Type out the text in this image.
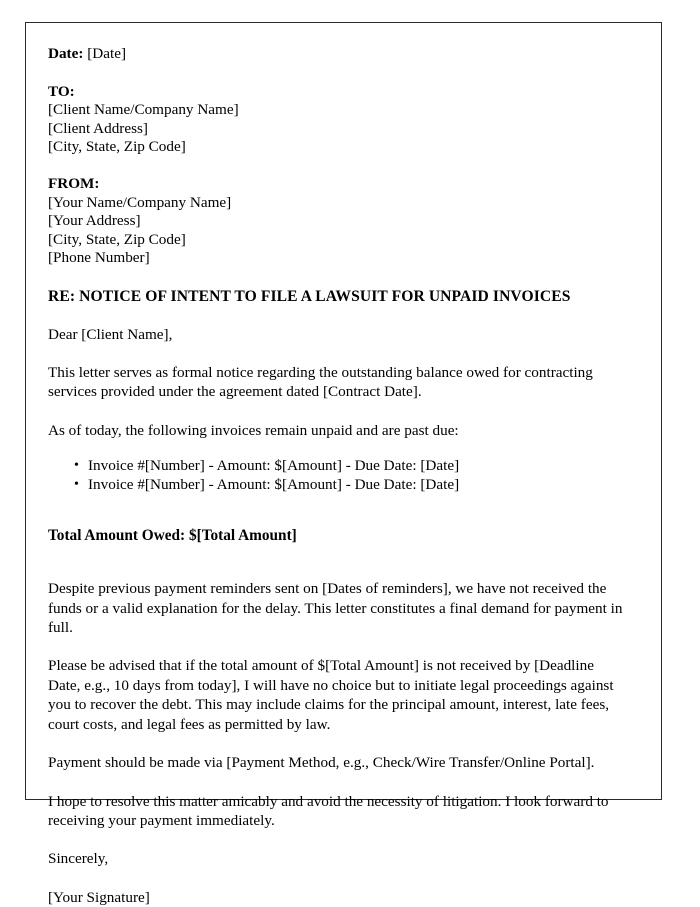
Date: [Date]

TO:
[Client Name/Company Name]
[Client Address]
[City, State, Zip Code]
FROM:
[Your Name/Company Name]
[Your Address]
[City, State, Zip Code]
[Phone Number]

RE: NOTICE OF INTENT TO FILE A LAWSUIT FOR UNPAID INVOICES

Dear [Client Name],

This letter serves as formal notice regarding the outstanding balance owed for contracting services provided under the agreement dated [Contract Date].

As of today, the following invoices remain unpaid and are past due:

• Invoice #[Number] - Amount: $[Amount] - Due Date: [Date]
• Invoice #[Number] - Amount: $[Amount] - Due Date: [Date]

Total Amount Owed: $[Total Amount]

Despite previous payment reminders sent on [Dates of reminders], we have not received the funds or a valid explanation for the delay. This letter constitutes a final demand for payment in full.

Please be advised that if the total amount of $[Total Amount] is not received by [Deadline Date, e.g., 10 days from today], I will have no choice but to initiate legal proceedings against you to recover the debt. This may include claims for the principal amount, interest, late fees, court costs, and legal fees as permitted by law.

Payment should be made via [Payment Method, e.g., Check/Wire Transfer/Online Portal].

I hope to resolve this matter amicably and avoid the necessity of litigation. I look forward to receiving your payment immediately.

Sincerely,

[Your Signature]
